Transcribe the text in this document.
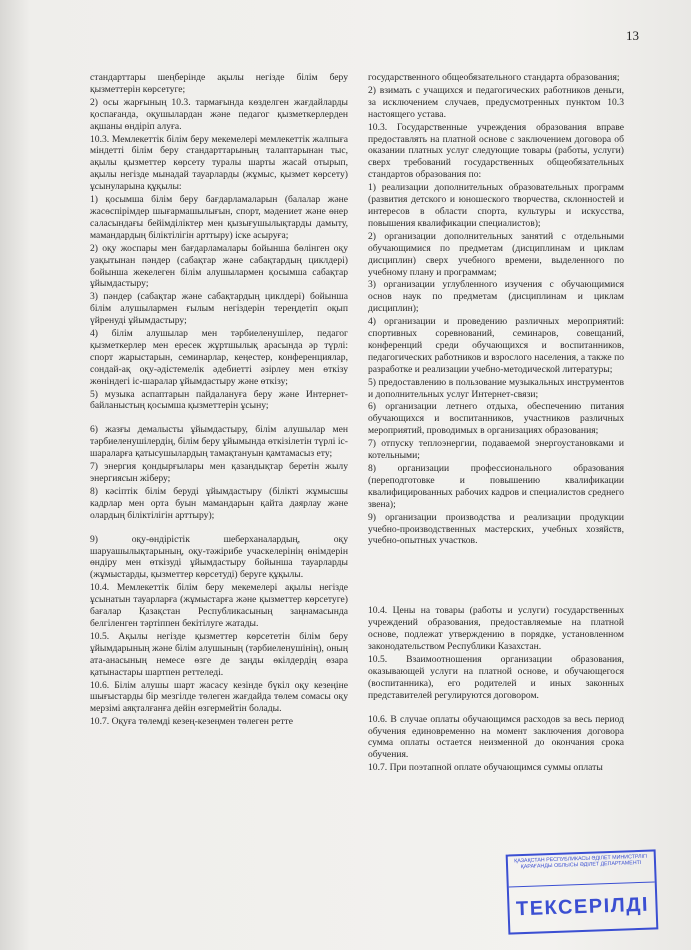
13

стандарттары шеңберінде ақылы негізде білім беру қызметтерін көрсетуге;

2) осы жарғының 10.3. тармағында көзделген жағдайларды қоспағанда, оқушылардан және педагог қызметкерлерден ақшаны өндіріп алуға.

10.3. Мемлекеттік білім беру мекемелері мемлекеттік жалпыға міндетті білім беру стандарттарының талаптарынан тыс, ақылы қызметтер көрсету туралы шарты жасай отырып, ақылы негізде мынадай тауарларды (жұмыс, қызмет көрсету) ұсынуларына құқылы:

1) қосымша білім беру бағдарламаларын (балалар және жасөспірімдер шығармашылығын, спорт, мәдениет және өнер саласындағы бейімділіктер мен қызығушылықтарды дамыту, мамандардың біліктілігін арттыру) іске асыруға;

2) оқу жоспары мен бағдарламалары бойынша бөлінген оқу уақытынан пәндер (сабақтар және сабақтардың циклдері) бойынша жекелеген білім алушылармен қосымша сабақтар ұйымдастыру;

3) пәндер (сабақтар және сабақтардың циклдері) бойынша білім алушылармен ғылым негіздерін тереңдетіп оқып үйренуді ұйымдастыру;

4) білім алушылар мен тәрбиеленушілер, педагог қызметкерлер мен ересек жұртшылық арасында әр түрлі: спорт жарыстарын, семинарлар, кеңестер, конференциялар, сондай-ақ оқу-әдістемелік әдебиетті әзірлеу мен өткізу жөніндегі іс-шаралар ұйымдастыру және өткізу;

5) музыка аспаптарын пайдалануға беру және Интернет-байланыстың қосымша қызметтерін ұсыну;

6) жазғы демалысты ұйымдастыру, білім алушылар мен тәрбиеленушілердің, білім беру ұйымында өткізілетін түрлі іс-шараларға қатысушылардың тамақтануын қамтамасыз ету;

7) энергия қондырғылары мен қазандықтар беретін жылу энергиясын жіберу;

8) кәсіптік білім беруді ұйымдастыру (білікті жұмысшы кадрлар мен орта буын мамандарын қайта даярлау және олардың біліктілігін арттыру);

9) оқу-өндірістік шеберханалардың, оқу шаруашылықтарының, оқу-тәжірибе учаскелерінің өнімдерін өндіру мен өткізуді ұйымдастыру бойынша тауарларды (жұмыстарды, қызметтер көрсетуді) беруге құқылы.

10.4. Мемлекеттік білім беру мекемелері ақылы негізде ұсынатын тауарларға (жұмыстарға және қызметтер көрсетуге) бағалар Қазақстан Республикасының заңнамасында белгіленген тәртіппен бекітілуге жатады.

10.5. Ақылы негізде қызметтер көрсететін білім беру ұйымдарының және білім алушының (тәрбиеленушінің), оның ата-анасының немесе өзге де заңды өкілдердің өзара қатынастары шартпен реттеледі.

10.6. Білім алушы шарт жасасу кезінде бүкіл оқу кезеңіне шығыстарды бір мезгілде төлеген жағдайда төлем сомасы оқу мерзімі аяқталғанға дейін өзгермейтін болады.

10.7. Оқуға төлемді кезең-кезеңмен төлеген ретте

государственного общеобязательного стандарта образования;

2) взимать с учащихся и педагогических работников деньги, за исключением случаев, предусмотренных пунктом 10.3 настоящего устава.

10.3. Государственные учреждения образования вправе предоставлять на платной основе с заключением договора об оказании платных услуг следующие товары (работы, услуги) сверх требований государственных общеобязательных стандартов образования по:

1) реализации дополнительных образовательных программ (развития детского и юношеского творчества, склонностей и интересов в области спорта, культуры и искусства, повышения квалификации специалистов);

2) организации дополнительных занятий с отдельными обучающимися по предметам (дисциплинам и циклам дисциплин) сверх учебного времени, выделенного по учебному плану и программам;

3) организации углубленного изучения с обучающимися основ наук по предметам (дисциплинам и циклам дисциплин);

4) организации и проведению различных мероприятий: спортивных соревнований, семинаров, совещаний, конференций среди обучающихся и воспитанников, педагогических работников и взрослого населения, а также по разработке и реализации учебно-методической литературы;

5) предоставлению в пользование музыкальных инструментов и дополнительных услуг Интернет-связи;

6) организации летнего отдыха, обеспечению питания обучающихся и воспитанников, участников различных мероприятий, проводимых в организациях образования;

7) отпуску теплоэнергии, подаваемой энергоустановками и котельными;

8) организации профессионального образования (переподготовке и повышению квалификации квалифицированных рабочих кадров и специалистов среднего звена);

9) организации производства и реализации продукции учебно-производственных мастерских, учебных хозяйств, учебно-опытных участков.

10.4. Цены на товары (работы и услуги) государственных учреждений образования, предоставляемые на платной основе, подлежат утверждению в порядке, установленном законодательством Республики Казахстан.

10.5. Взаимоотношения организации образования, оказывающей услуги на платной основе, и обучающегося (воспитанника), его родителей и иных законных представителей регулируются договором.

10.6. В случае оплаты обучающимся расходов за весь период обучения единовременно на момент заключения договора сумма оплаты остается неизменной до окончания срока обучения.

10.7. При поэтапной оплате обучающимся суммы оплаты

ҚАЗАҚСТАН РЕСПУБЛИКАСЫ ӘДІЛЕТ МИНИСТРЛІГІ ҚАРАҒАНДЫ ОБЛЫСЫ ӘДІЛЕТ ДЕПАРТАМЕНТІ
ТЕКСЕРІЛДІ
